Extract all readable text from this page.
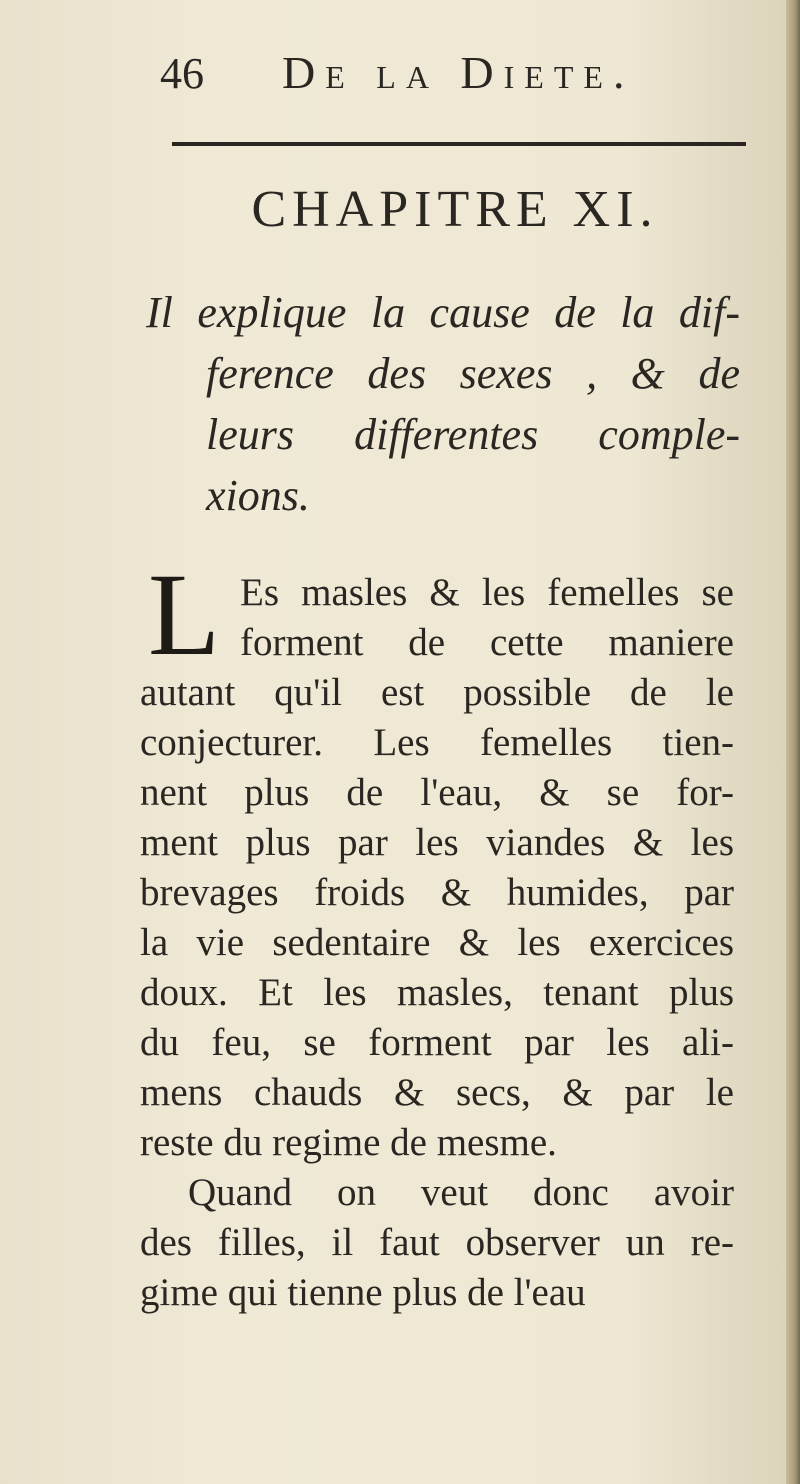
46 De la Diete.
CHAPITRE XI.
Il explique la cause de la dif-
ference des sexes , & de
leurs differentes comple-
xions.
L Es masles & les femelles se
forment de cette maniere
autant qu'il est possible de le
conjecturer. Les femelles tien-
nent plus de l'eau, & se for-
ment plus par les viandes & les
brevages froids & humides, par
la vie sedentaire & les exercices
doux. Et les masles, tenant plus
du feu, se forment par les ali-
mens chauds & secs, & par le
reste du regime de mesme.
Quand on veut donc avoir
des filles, il faut observer un re-
gime qui tienne plus de l'eau
